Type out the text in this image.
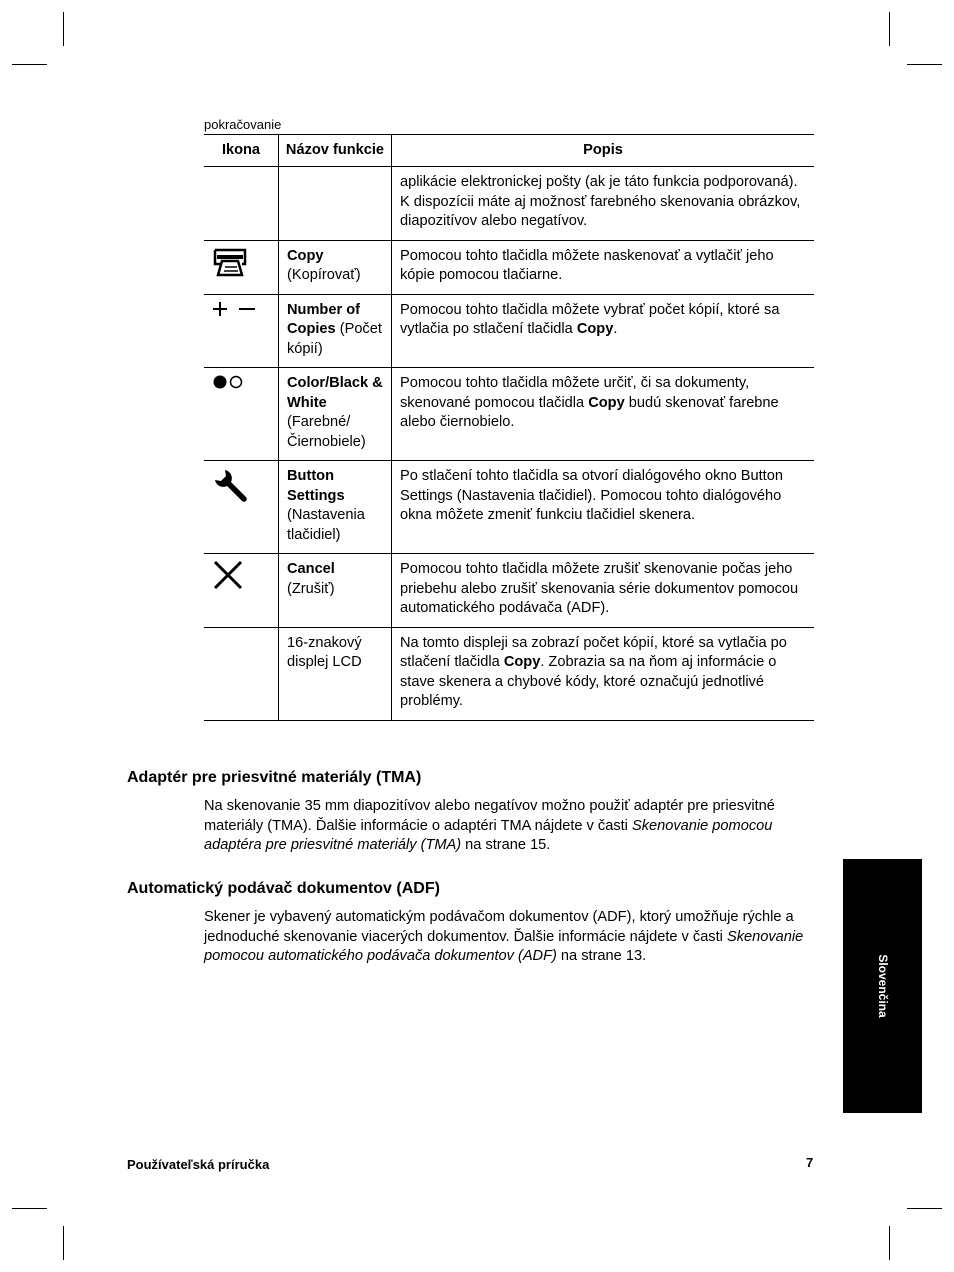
pokračovanie
Ikona	Názov funkcie	Popis
		aplikácie elektronickej pošty (ak je táto funkcia podporovaná). K dispozícii máte aj možnosť farebného skenovania obrázkov, diapozitívov alebo negatívov.

	Copy (Kopírovať)	Pomocou tohto tlačidla môžete naskenovať a vytlačiť jeho kópie pomocou tlačiarne.

	Number of Copies (Počet kópií)	Pomocou tohto tlačidla môžete vybrať počet kópií, ktoré sa vytlačia po stlačení tlačidla Copy.

	Color/Black & White (Farebné/ Čiernobiele)	Pomocou tohto tlačidla môžete určiť, či sa dokumenty, skenované pomocou tlačidla Copy budú skenovať farebne alebo čiernobielo.

	Button Settings (Nastavenia tlačidiel)	Po stlačení tohto tlačidla sa otvorí dialógového okno Button Settings (Nastavenia tlačidiel). Pomocou tohto dialógového okna môžete zmeniť funkciu tlačidiel skenera.

	Cancel (Zrušiť)	Pomocou tohto tlačidla môžete zrušiť skenovanie počas jeho priebehu alebo zrušiť skenovania série dokumentov pomocou automatického podávača (ADF).
	16-znakový displej LCD	Na tomto displeji sa zobrazí počet kópií, ktoré sa vytlačia po stlačení tlačidla Copy. Zobrazia sa na ňom aj informácie o stave skenera a chybové kódy, ktoré označujú jednotlivé problémy.
Adaptér pre priesvitné materiály (TMA)

Na skenovanie 35 mm diapozitívov alebo negatívov možno použiť adaptér pre priesvitné materiály (TMA). Ďalšie informácie o adaptéri TMA nájdete v časti Skenovanie pomocou adaptéra pre priesvitné materiály (TMA) na strane 15.

Automatický podávač dokumentov (ADF)

Skener je vybavený automatickým podávačom dokumentov (ADF), ktorý umožňuje rýchle a jednoduché skenovanie viacerých dokumentov. Ďalšie informácie nájdete v časti Skenovanie pomocou automatického podávača dokumentov (ADF) na strane 13.	Slovenčina
Používateľská príručka	7
